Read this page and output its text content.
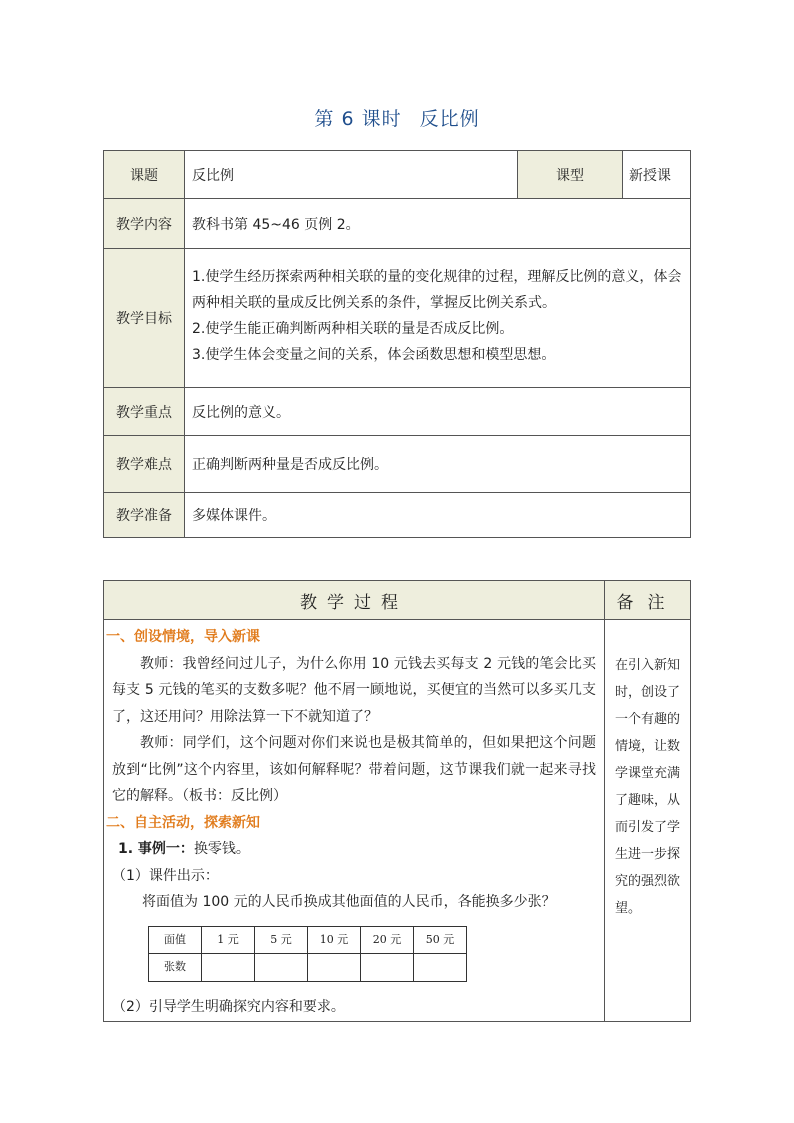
第 6 课时 反比例
课题	反比例	课型	新授课
教学内容	教科书第 45~46 页例 2。		
教学目标	1.使学生经历探索两种相关联的量的变化规律的过程，理解反比例的意义，体会两种相关联的量成反比例关系的条件，掌握反比例关系式。
2.使学生能正确判断两种相关联的量是否成反比例。
3.使学生体会变量之间的关系，体会函数思想和模型思想。		

教学重点	反比例的意义。		
教学难点	正确判断两种量是否成反比例。		
教学准备	多媒体课件。		
教学过程	备注

一、创设情境，导入新课
教师：我曾经问过儿子，为什么你用 10 元钱去买每支 2 元钱的笔会比买每支 5 元钱的笔买的支数多呢？他不屑一顾地说，买便宜的当然可以多买几支了，这还用问？用除法算一下不就知道了？
教师：同学们，这个问题对你们来说也是极其简单的，但如果把这个问题放到“比例”这个内容里，该如何解释呢？带着问题，这节课我们就一起来寻找它的解释。（板书：反比例）
二、自主活动，探索新知
1. 事例一：换零钱。
（1）课件出示：
将面值为 100 元的人民币换成其他面值的人民币，各能换多少张？
面值	1 元	5 元	10 元	20 元	50 元
张数					
（2）引导学生明确探究内容和要求。
	在引入新知时，创设了一个有趣的情境，让数学课堂充满了趣味，从而引发了学生进一步探究的强烈欲望。
